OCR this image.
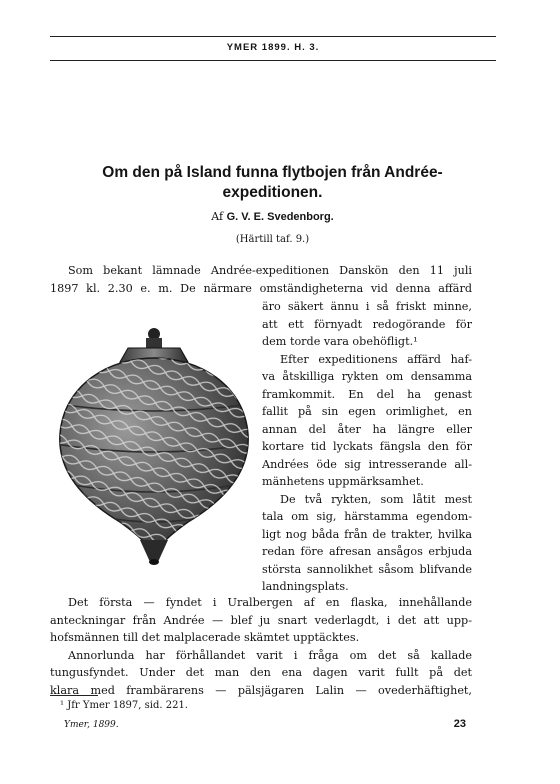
YMER 1899. H. 3.
Om den på Island funna flytbojen från Andrée-expeditionen.
Af G. V. E. Svedenborg.
(Härtill taf. 9.)
Som bekant lämnade Andrée-expeditionen Danskön den 11 juli
1897 kl. 2.30 e. m. De närmare omständigheterna vid denna affärd
äro säkert ännu i så friskt minne,
att ett förnyadt redogörande för
dem torde vara obehöfligt.¹
Efter expeditionens affärd haf-
va åtskilliga rykten om densamma
framkommit. En del ha genast
fallit på sin egen orimlighet, en
annan del åter ha längre eller
kortare tid lyckats fängsla den för
Andrées öde sig intresserande all-
mänhetens uppmärksamhet.
De två rykten, som låtit mest
tala om sig, härstamma egendom-
ligt nog båda från de trakter, hvilka
redan före afresan ansågos erbjuda
största sannolikhet såsom blifvande
landningsplats.
Det första — fyndet i Uralbergen af en flaska, innehållande
anteckningar från Andrée — blef ju snart vederlagdt, i det att upp-
hofsmännen till det malplacerade skämtet upptäcktes.
Annorlunda har förhållandet varit i fråga om det så kallade
tungusfyndet. Under det man den ena dagen varit fullt på det
klara med frambärarens — pälsjägaren Lalin — ovederhäftighet,
¹ Jfr Ymer 1897, sid. 221.
Ymer, 1899.	23
